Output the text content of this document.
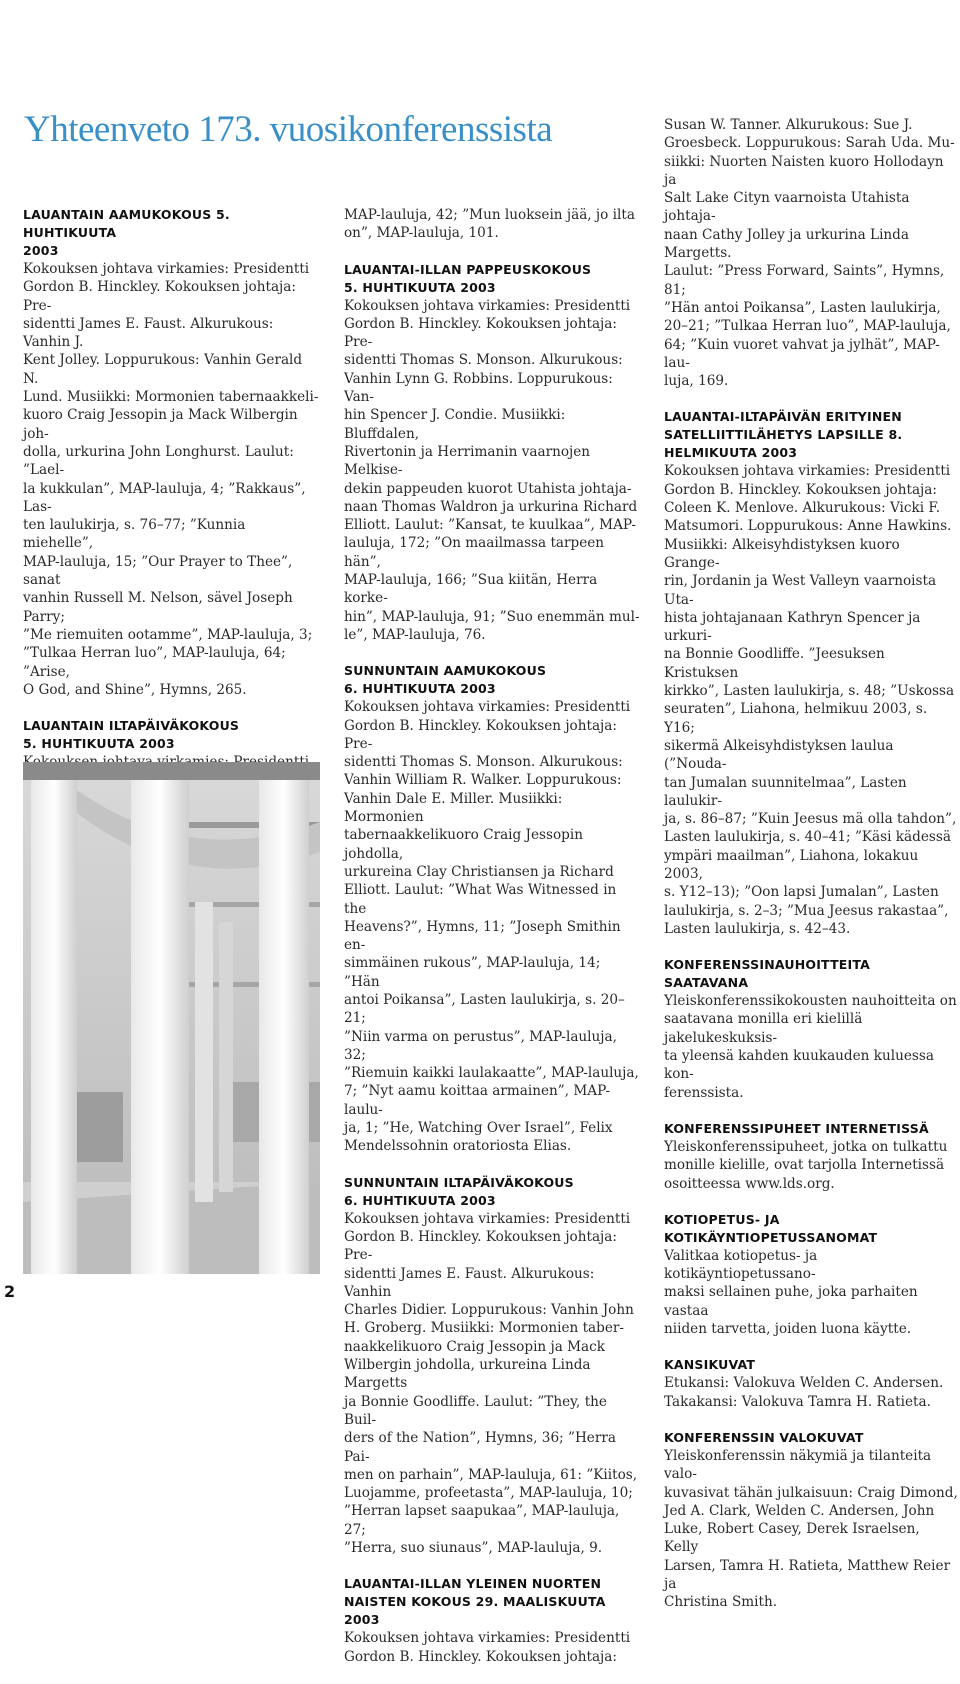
Yhteenveto 173. vuosikonferenssista

LAUANTAIN AAMUKOKOUS 5. HUHTIKUUTA
2003

Kokouksen johtava virkamies: Presidentti
Gordon B. Hinckley. Kokouksen johtaja: Pre-
sidentti James E. Faust. Alkurukous: Vanhin J.
Kent Jolley. Loppurukous: Vanhin Gerald N.
Lund. Musiikki: Mormonien tabernaakkeli-
kuoro Craig Jessopin ja Mack Wilbergin joh-
dolla, urkurina John Longhurst. Laulut: ”Lael-
la kukkulan”, MAP-lauluja, 4; ”Rakkaus”, Las-
ten laulukirja, s. 76–77; ”Kunnia miehelle”,
MAP-lauluja, 15; ”Our Prayer to Thee”, sanat
vanhin Russell M. Nelson, sävel Joseph Parry;
”Me riemuiten ootamme”, MAP-lauluja, 3;
”Tulkaa Herran luo”, MAP-lauluja, 64; ”Arise,
O God, and Shine”, Hymns, 265.

LAUANTAIN ILTAPÄIVÄKOKOUS
5. HUHTIKUUTA 2003

MAP-lauluja, 42; ”Mun luoksein jää, jo ilta
on”, MAP-lauluja, 101.

LAUANTAI-ILLAN PAPPEUSKOKOUS
5. HUHTIKUUTA 2003

Kokouksen johtava virkamies: Presidentti
Gordon B. Hinckley. Kokouksen johtaja: Pre-
sidentti Thomas S. Monson. Alkurukous:
Vanhin Lynn G. Robbins. Loppurukous: Van-
hin Spencer J. Condie. Musiikki: Bluffdalen,
Rivertonin ja Herrimanin vaarnojen Melkise-
dekin pappeuden kuorot Utahista johtaja-
naan Thomas Waldron ja urkurina Richard
Elliott. Laulut: ”Kansat, te kuulkaa”, MAP-
lauluja, 172; ”On maailmassa tarpeen hän”,
MAP-lauluja, 166; ”Sua kiitän, Herra korke-
hin”, MAP-lauluja, 91; ”Suo enemmän mul-
le”, MAP-lauluja, 76.

SUNNUNTAIN AAMUKOKOUS
6. HUHTIKUUTA 2003

Kokouksen johtava virkamies: Presidentti
Gordon B. Hinckley. Kokouksen johtaja: Pre-
sidentti Thomas S. Monson. Alkurukous:
Vanhin William R. Walker. Loppurukous:
Vanhin Dale E. Miller. Musiikki: Mormonien
tabernaakkelikuoro Craig Jessopin johdolla,
urkureina Clay Christiansen ja Richard
Elliott. Laulut: ”What Was Witnessed in the
Heavens?”, Hymns, 11; ”Joseph Smithin en-
simmäinen rukous”, MAP-lauluja, 14; ”Hän
antoi Poikansa”, Lasten laulukirja, s. 20–21;
”Niin varma on perustus”, MAP-lauluja, 32;
”Riemuin kaikki laulakaatte”, MAP-lauluja,
7; ”Nyt aamu koittaa armainen”, MAP-laulu-
ja, 1; ”He, Watching Over Israel”, Felix
Mendelssohnin oratoriosta Elias.

SUNNUNTAIN ILTAPÄIVÄKOKOUS
6. HUHTIKUUTA 2003

Kokouksen johtava virkamies: Presidentti
Gordon B. Hinckley. Kokouksen johtaja: Pre-
sidentti James E. Faust. Alkurukous: Vanhin
Charles Didier. Loppurukous: Vanhin John
H. Groberg. Musiikki: Mormonien taber-
naakkelikuoro Craig Jessopin ja Mack
Wilbergin johdolla, urkureina Linda Margetts
ja Bonnie Goodliffe. Laulut: ”They, the Buil-
ders of the Nation”, Hymns, 36; ”Herra Pai-
men on parhain”, MAP-lauluja, 61: ”Kiitos,
Luojamme, profeetasta”, MAP-lauluja, 10;
”Herran lapset saapukaa”, MAP-lauluja, 27;
”Herra, suo siunaus”, MAP-lauluja, 9.

LAUANTAI-ILLAN YLEINEN NUORTEN
NAISTEN KOKOUS 29. MAALISKUUTA 2003

Kokouksen johtava virkamies: Presidentti
Gordon B. Hinckley. Kokouksen johtaja:

Susan W. Tanner. Alkurukous: Sue J.
Groesbeck. Loppurukous: Sarah Uda. Mu-
siikki: Nuorten Naisten kuoro Hollodayn ja
Salt Lake Cityn vaarnoista Utahista johtaja-
naan Cathy Jolley ja urkurina Linda Margetts.
Laulut: ”Press Forward, Saints”, Hymns, 81;
”Hän antoi Poikansa”, Lasten laulukirja,
20–21; ”Tulkaa Herran luo”, MAP-lauluja,
64; ”Kuin vuoret vahvat ja jylhät”, MAP-lau-
luja, 169.

LAUANTAI-ILTAPÄIVÄN ERITYINEN
SATELLIITTILÄHETYS LAPSILLE 8.
HELMIKUUTA 2003

Kokouksen johtava virkamies: Presidentti
Gordon B. Hinckley. Kokouksen johtaja:
Coleen K. Menlove. Alkurukous: Vicki F.
Matsumori. Loppurukous: Anne Hawkins.
Musiikki: Alkeisyhdistyksen kuoro Grange-
rin, Jordanin ja West Valleyn vaarnoista Uta-
hista johtajanaan Kathryn Spencer ja urkuri-
na Bonnie Goodliffe. ”Jeesuksen Kristuksen
kirkko”, Lasten laulukirja, s. 48; ”Uskossa
seuraten”, Liahona, helmikuu 2003, s. Y16;
sikermä Alkeisyhdistyksen laulua (”Nouda-
tan Jumalan suunnitelmaa”, Lasten laulukir-
ja, s. 86–87; ”Kuin Jeesus mä olla tahdon”,
Lasten laulukirja, s. 40–41; ”Käsi kädessä
ympäri maailman”, Liahona, lokakuu 2003,
s. Y12–13); ”Oon lapsi Jumalan”, Lasten
laulukirja, s. 2–3; ”Mua Jeesus rakastaa”,
Lasten laulukirja, s. 42–43.

KONFERENSSINAUHOITTEITA SAATAVANA

Yleiskonferenssikokousten nauhoitteita on
saatavana monilla eri kielillä jakelukeskuksis-
ta yleensä kahden kuukauden kuluessa kon-
ferenssista.

KONFERENSSIPUHEET INTERNETISSÄ

Yleiskonferenssipuheet, jotka on tulkattu
monille kielille, ovat tarjolla Internetissä
osoitteessa www.lds.org.

KOTIOPETUS- JA
KOTIKÄYNTIOPETUSSANOMAT

Valitkaa kotiopetus- ja kotikäyntiopetussano-
maksi sellainen puhe, joka parhaiten vastaa
niiden tarvetta, joiden luona käytte.

KANSIKUVAT

Etukansi: Valokuva Welden C. Andersen.
Takakansi: Valokuva Tamra H. Ratieta.

KONFERENSSIN VALOKUVAT

Yleiskonferenssin näkymiä ja tilanteita valo-
kuvasivat tähän julkaisuun: Craig Dimond,
Jed A. Clark, Welden C. Andersen, John
Luke, Robert Casey, Derek Israelsen, Kelly
Larsen, Tamra H. Ratieta, Matthew Reier ja
Christina Smith.

2
